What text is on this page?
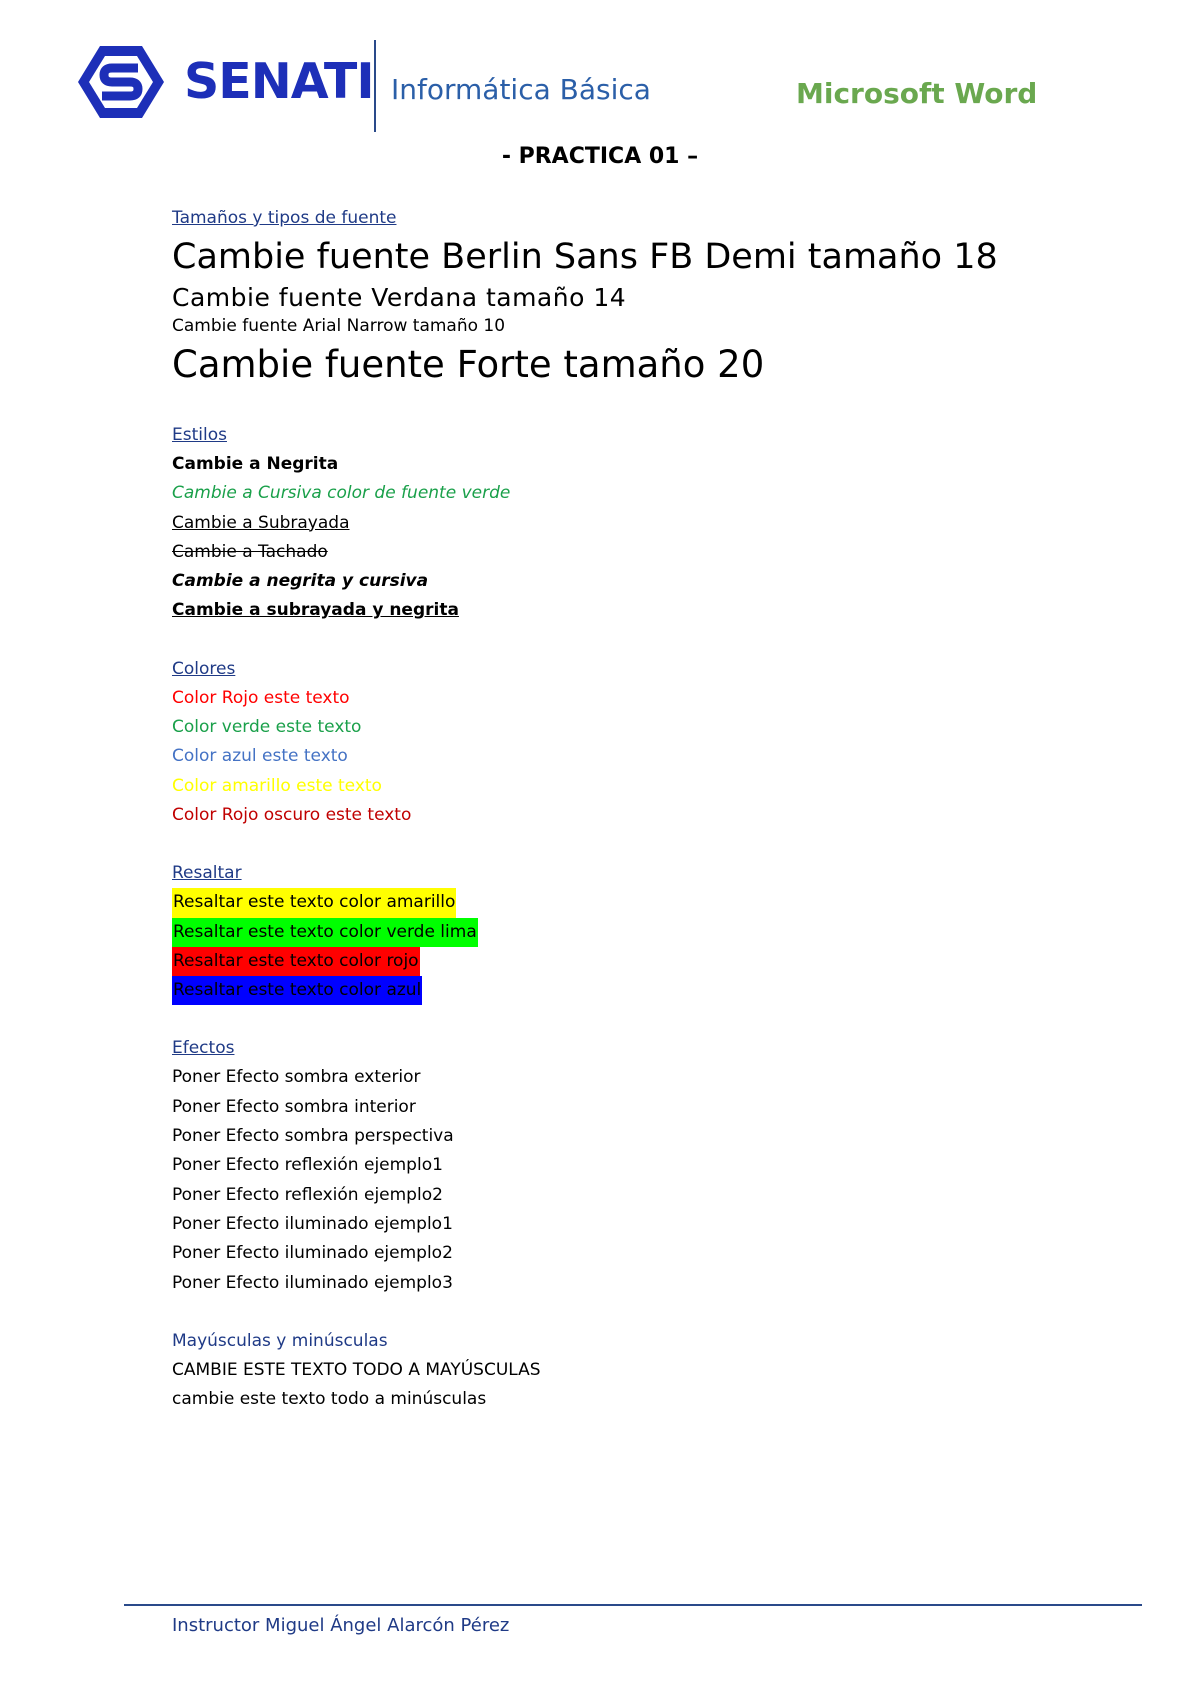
SENATI Informática Básica	Microsoft Word
- PRACTICA 01 –
Tamaños y tipos de fuente
Cambie fuente Berlin Sans FB Demi tamaño 18
Cambie fuente Verdana tamaño 14
Cambie fuente Arial Narrow tamaño 10
Cambie fuente Forte tamaño 20
Estilos
Cambie a Negrita
Cambie a Cursiva color de fuente verde
Cambie a Subrayada
Cambie a Tachado
Cambie a negrita y cursiva
Cambie a subrayada y negrita
Colores
Color Rojo este texto
Color verde este texto
Color azul este texto
Color amarillo este texto
Color Rojo oscuro este texto
Resaltar
Resaltar este texto color amarillo
Resaltar este texto color verde lima
Resaltar este texto color rojo
Resaltar este texto color azul
Efectos
Poner Efecto sombra exterior
Poner Efecto sombra interior
Poner Efecto sombra perspectiva
Poner Efecto reflexión ejemplo1
Poner Efecto reflexión ejemplo2
Poner Efecto iluminado ejemplo1
Poner Efecto iluminado ejemplo2
Poner Efecto iluminado ejemplo3
Mayúsculas y minúsculas
CAMBIE ESTE TEXTO TODO A MAYÚSCULAS
cambie este texto todo a minúsculas
Instructor Miguel Ángel Alarcón Pérez
